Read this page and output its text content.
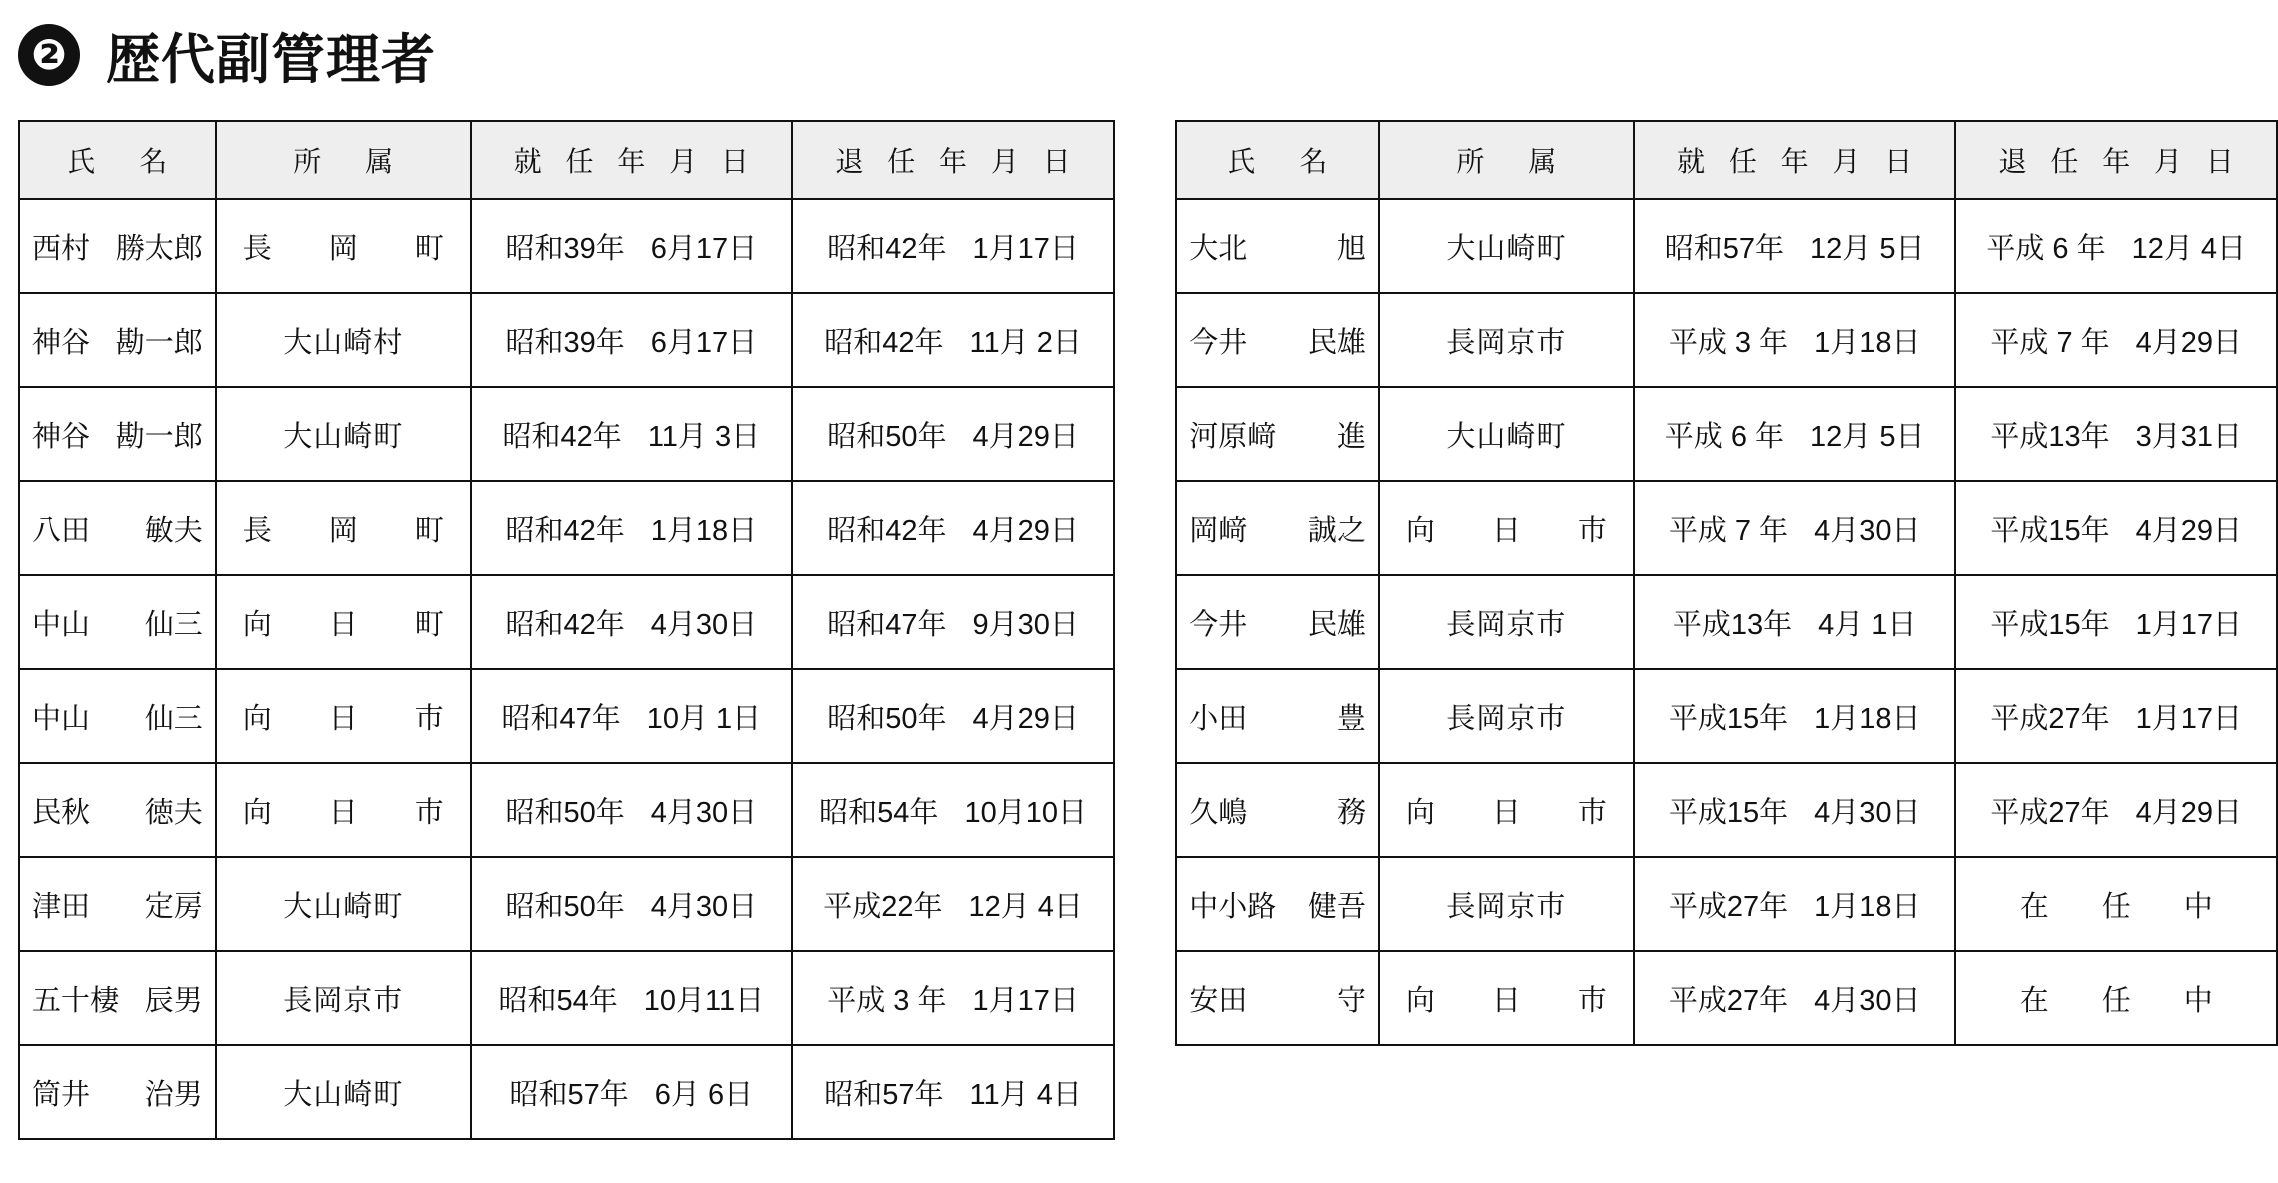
❷ 歴代副管理者
氏　名	所　属	就 任 年 月 日	退 任 年 月 日

西村 勝太郎	長　岡　町	昭和39年 6月17日	昭和42年 1月17日

神谷 勘一郎	大山崎村	昭和39年 6月17日	昭和42年 11月 2日

神谷 勘一郎	大山崎町	昭和42年 11月 3日	昭和50年 4月29日

八田 敏夫	長　岡　町	昭和42年 1月18日	昭和42年 4月29日

中山 仙三	向　日　町	昭和42年 4月30日	昭和47年 9月30日

中山 仙三	向　日　市	昭和47年 10月 1日	昭和50年 4月29日

民秋 徳夫	向　日　市	昭和50年 4月30日	昭和54年 10月10日

津田 定房	大山崎町	昭和50年 4月30日	平成22年 12月 4日

五十棲 辰男	長岡京市	昭和54年 10月11日	平成 3 年 1月17日

筒井 治男	大山崎町	昭和57年 6月 6日	昭和57年 11月 4日
氏　名	所　属	就 任 年 月 日	退 任 年 月 日

大北 旭	大山崎町	昭和57年 12月 5日	平成 6 年 12月 4日

今井 民雄	長岡京市	平成 3 年 1月18日	平成 7 年 4月29日

河原﨑 進	大山崎町	平成 6 年 12月 5日	平成13年 3月31日

岡﨑 誠之	向　日　市	平成 7 年 4月30日	平成15年 4月29日

今井 民雄	長岡京市	平成13年 4月 1日	平成15年 1月17日

小田 豊	長岡京市	平成15年 1月18日	平成27年 1月17日

久嶋 務	向　日　市	平成15年 4月30日	平成27年 4月29日

中小路 健吾	長岡京市	平成27年 1月18日	在　任　中

安田 守	向　日　市	平成27年 4月30日	在　任　中
